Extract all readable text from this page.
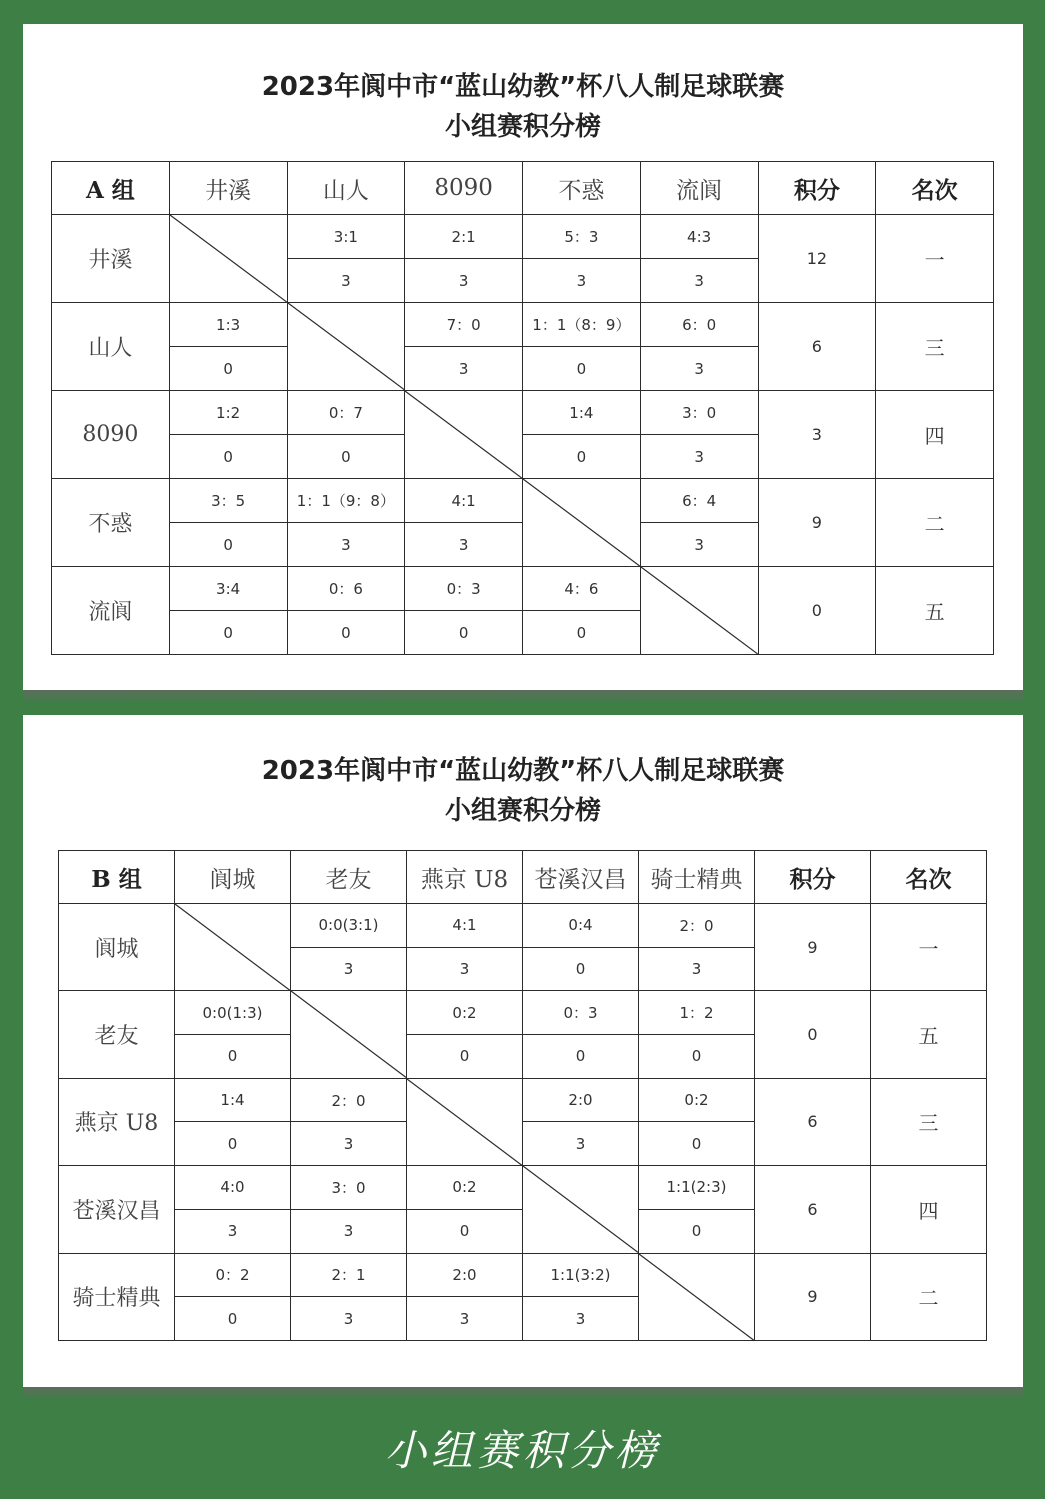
2023年阆中市“蓝山幼教”杯八人制足球联赛
小组赛积分榜
A 组	井溪	山人	8090	不惑	流阆	积分	名次
井溪		3:1	2:1	5：3	4:3	12	一
		3	3	3	3		
山人	1:3		7：0	1：1（8：9）	6：0	6	三
	0		3	0	3		
8090	1:2	0：7		1:4	3：0	3	四
	0	0		0	3		
不惑	3：5	1：1（9：8）	4:1		6：4	9	二
	0	3	3		3		
流阆	3:4	0：6	0：3	4：6		0	五
	0	0	0	0			
2023年阆中市“蓝山幼教”杯八人制足球联赛
小组赛积分榜
B 组	阆城	老友	燕京 U8	苍溪汉昌	骑士精典	积分	名次
阆城		0:0(3:1)	4:1	0:4	2：0	9	一
		3	3	0	3		
老友	0:0(1:3)		0:2	0：3	1：2	0	五
	0		0	0	0		
燕京 U8	1:4	2：0		2:0	0:2	6	三
	0	3		3	0		
苍溪汉昌	4:0	3：0	0:2		1:1(2:3)	6	四
	3	3	0		0		
骑士精典	0：2	2：1	2:0	1:1(3:2)		9	二
	0	3	3	3			
小组赛积分榜
